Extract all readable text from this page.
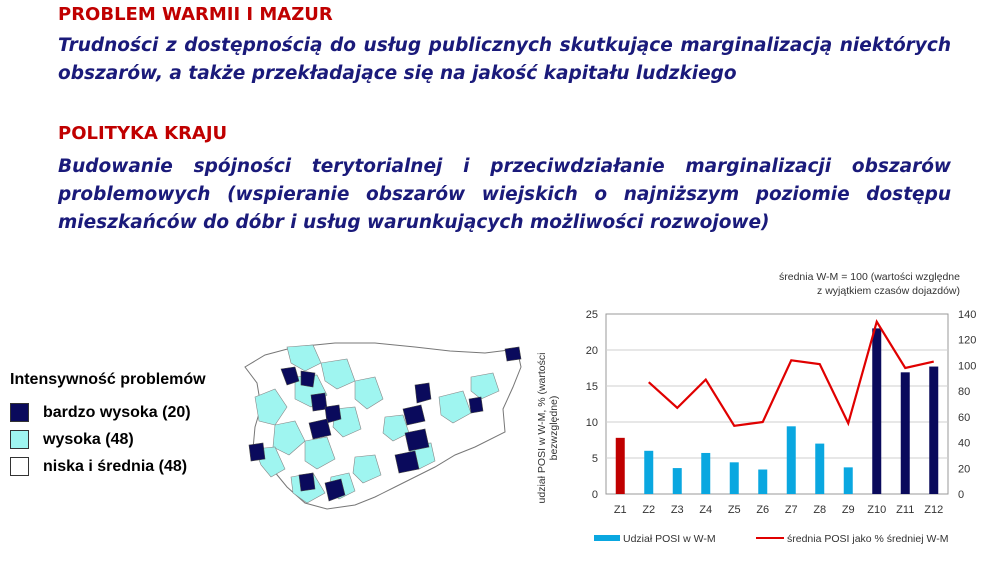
PROBLEM WARMII I MAZUR

Trudności z dostępnością do usług publicznych skutkujące marginalizacją niektórych obszarów, a także przekładające się na jakość kapitału ludzkiego

POLITYKA KRAJU

Budowanie spójności terytorialnej i przeciwdziałanie marginalizacji obszarów problemowych (wspieranie obszarów wiejskich o najniższym poziomie dostępu mieszkańców do dóbr i usług warunkujących możliwości rozwojowe)

Intensywność problemów
bardzo wysoka (20)
wysoka (48)
niska i średnia (48)
0
5
10
15
20
25
0
20
40
60
80
100
120
140
Z1 Z2 Z3 Z4 Z5 Z6 Z7 Z8 Z9 Z10 Z11 Z12
średnia W-M = 100 (wartości względne
z wyjątkiem czasów dojazdów)
udział POSI w W-M, % (wartości bezwzględne)
Udział POSI w W-M	średnia POSI jako % średniej W-M
